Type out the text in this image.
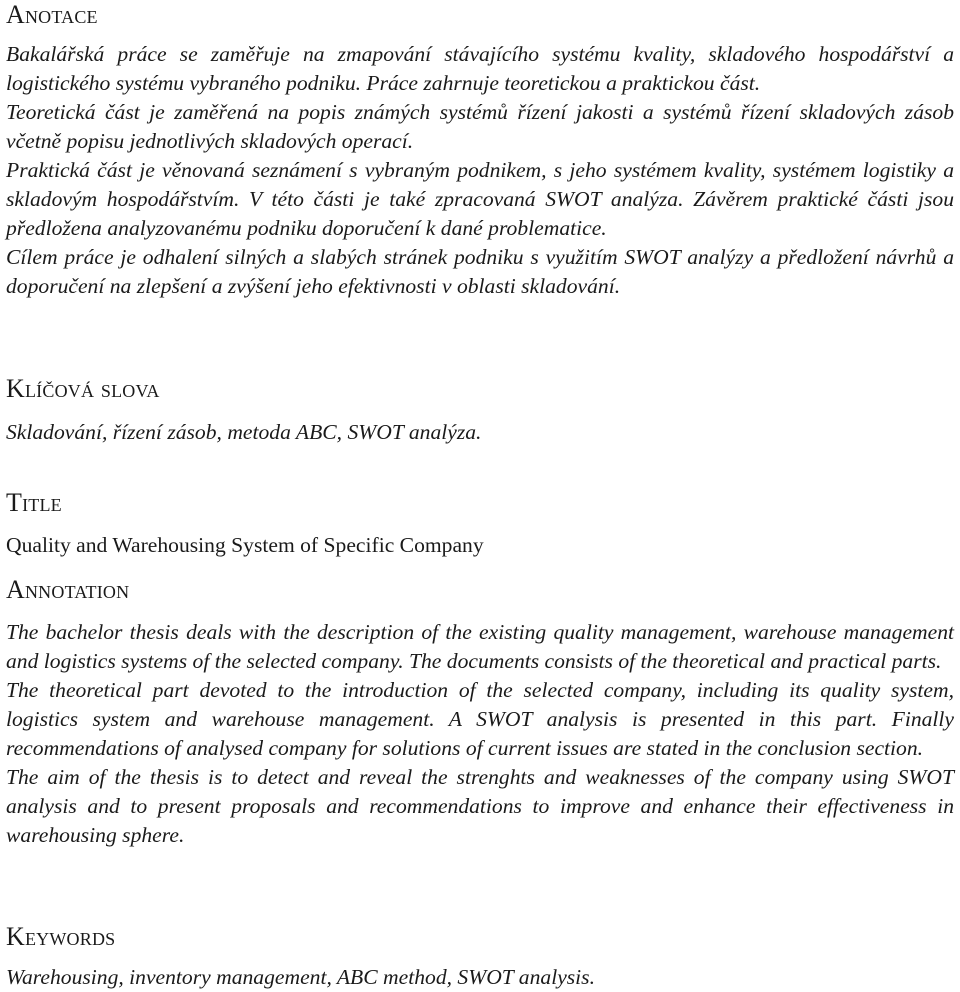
Anotace

Bakalářská práce se zaměřuje na zmapování stávajícího systému kvality, skladového hospodářství a logistického systému vybraného podniku. Práce zahrnuje teoretickou a praktickou část.

Teoretická část je zaměřená na popis známých systémů řízení jakosti a systémů řízení skladových zásob včetně popisu jednotlivých skladových operací.

Praktická část je věnovaná seznámení s vybraným podnikem, s jeho systémem kvality, systémem logistiky a skladovým hospodářstvím. V této části je také zpracovaná SWOT analýza. Závěrem praktické části jsou předložena analyzovanému podniku doporučení k dané problematice.

Cílem práce je odhalení silných a slabých stránek podniku s využitím SWOT analýzy a předložení návrhů a doporučení na zlepšení a zvýšení jeho efektivnosti v oblasti skladování.

Klíčová slova

Skladování, řízení zásob, metoda ABC, SWOT analýza.

Title

Quality and Warehousing System of Specific Company

Annotation

The bachelor thesis deals with the description of the existing quality management, warehouse management and logistics systems of the selected company. The documents consists of the theoretical and practical parts.

The theoretical part devoted to the introduction of the selected company, including its quality system, logistics system and warehouse management. A SWOT analysis is presented in this part. Finally recommendations of analysed company for solutions of current issues are stated in the conclusion section.

The aim of the thesis is to detect and reveal the strenghts and weaknesses of the company using SWOT analysis and to present proposals and recommendations to improve and enhance their effectiveness in warehousing sphere.

Keywords

Warehousing, inventory management, ABC method, SWOT analysis.
